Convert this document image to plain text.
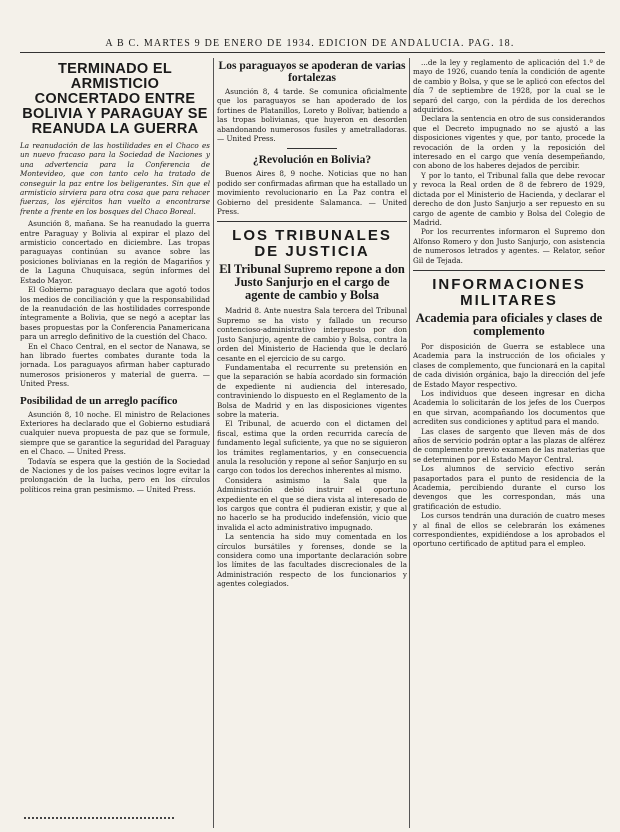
A B C. MARTES 9 DE ENERO DE 1934. EDICION DE ANDALUCIA. PAG. 18.
TERMINADO EL ARMISTICIO CONCERTADO ENTRE BOLIVIA Y PARAGUAY SE REANUDA LA GUERRA

La reanudación de las hostilidades en el Chaco es un nuevo fracaso para la Sociedad de Naciones y una advertencia para la Conferencia de Montevideo, que con tanto celo ha tratado de conseguir la paz entre los beligerantes. Sin que el armisticio sirviera para otra cosa que para rehacer fuerzas, los ejércitos han vuelto a encontrarse frente a frente en los bosques del Chaco Boreal.

Asunción 8, mañana. Se ha reanudado la guerra entre Paraguay y Bolivia al expirar el plazo del armisticio concertado en diciembre. Las tropas paraguayas continúan su avance sobre las posiciones bolivianas en la región de Magariños y de la Laguna Chuquisaca, según informes del Estado Mayor.

El Gobierno paraguayo declara que agotó todos los medios de conciliación y que la responsabilidad de la reanudación de las hostilidades corresponde íntegramente a Bolivia, que se negó a aceptar las bases propuestas por la Conferencia Panamericana para un arreglo definitivo de la cuestión del Chaco.

En el Chaco Central, en el sector de Nanawa, se han librado fuertes combates durante toda la jornada. Los paraguayos afirman haber capturado numerosos prisioneros y material de guerra. — United Press.

Posibilidad de un arreglo pacífico

Asunción 8, 10 noche. El ministro de Relaciones Exteriores ha declarado que el Gobierno estudiará cualquier nueva propuesta de paz que se formule, siempre que se garantice la seguridad del Paraguay en el Chaco. — United Press.

Todavía se espera que la gestión de la Sociedad de Naciones y de los países vecinos logre evitar la prolongación de la lucha, pero en los círculos políticos reina gran pesimismo. — United Press.

Los paraguayos se apoderan de varias fortalezas

Asunción 8, 4 tarde. Se comunica oficialmente que los paraguayos se han apoderado de los fortines de Platanillos, Loreto y Bolívar, batiendo a las tropas bolivianas, que huyeron en desorden abandonando numerosos fusiles y ametralladoras. — United Press.

¿Revolución en Bolivia?

Buenos Aires 8, 9 noche. Noticias que no han podido ser confirmadas afirman que ha estallado un movimiento revolucionario en La Paz contra el Gobierno del presidente Salamanca. — United Press.

LOS TRIBUNALES DE JUSTICIA
El Tribunal Supremo repone a don Justo Sanjurjo en el cargo de agente de cambio y Bolsa

Madrid 8. Ante nuestra Sala tercera del Tribunal Supremo se ha visto y fallado un recurso contencioso-administrativo interpuesto por don Justo Sanjurjo, agente de cambio y Bolsa, contra la orden del Ministerio de Hacienda que le declaró cesante en el ejercicio de su cargo.

Fundamentaba el recurrente su pretensión en que la separación se había acordado sin formación de expediente ni audiencia del interesado, contraviniendo lo dispuesto en el Reglamento de la Bolsa de Madrid y en las disposiciones vigentes sobre la materia.

El Tribunal, de acuerdo con el dictamen del fiscal, estima que la orden recurrida carecía de fundamento legal suficiente, ya que no se siguieron los trámites reglamentarios, y en consecuencia anula la resolución y repone al señor Sanjurjo en su cargo con todos los derechos inherentes al mismo.

Considera asimismo la Sala que la Administración debió instruir el oportuno expediente en el que se diera vista al interesado de los cargos que contra él pudieran existir, y que al no hacerlo se ha producido indefensión, vicio que invalida el acto administrativo impugnado.

La sentencia ha sido muy comentada en los círculos bursátiles y forenses, donde se la considera como una importante declaración sobre los límites de las facultades discrecionales de la Administración respecto de los funcionarios y agentes colegiados.

...de la ley y reglamento de aplicación del 1.º de mayo de 1926, cuando tenía la condición de agente de cambio y Bolsa, y que se le aplicó con efectos del día 7 de septiembre de 1928, por la cual se le separó del cargo, con la pérdida de los derechos adquiridos.

Declara la sentencia en otro de sus considerandos que el Decreto impugnado no se ajustó a las disposiciones vigentes y que, por tanto, procede la revocación de la orden y la reposición del interesado en el cargo que venía desempeñando, con abono de los haberes dejados de percibir.

Y por lo tanto, el Tribunal falla que debe revocar y revoca la Real orden de 8 de febrero de 1929, dictada por el Ministerio de Hacienda, y declarar el derecho de don Justo Sanjurjo a ser repuesto en su cargo de agente de cambio y Bolsa del Colegio de Madrid.

Por los recurrentes informaron el Supremo don Alfonso Romero y don Justo Sanjurjo, con asistencia de numerosos letrados y agentes. — Relator, señor Gil de Tejada.

INFORMACIONES MILITARES
Academia para oficiales y clases de complemento

Por disposición de Guerra se establece una Academia para la instrucción de los oficiales y clases de complemento, que funcionará en la capital de cada división orgánica, bajo la dirección del jefe de Estado Mayor respectivo.

Los individuos que deseen ingresar en dicha Academia lo solicitarán de los jefes de los Cuerpos en que sirvan, acompañando los documentos que acrediten sus condiciones y aptitud para el mando.

Las clases de sargento que lleven más de dos años de servicio podrán optar a las plazas de alférez de complemento previo examen de las materias que se determinen por el Estado Mayor Central.

Los alumnos de servicio efectivo serán pasaportados para el punto de residencia de la Academia, percibiendo durante el curso los devengos que les correspondan, más una gratificación de estudio.

Los cursos tendrán una duración de cuatro meses y al final de ellos se celebrarán los exámenes correspondientes, expidiéndose a los aprobados el oportuno certificado de aptitud para el empleo.
